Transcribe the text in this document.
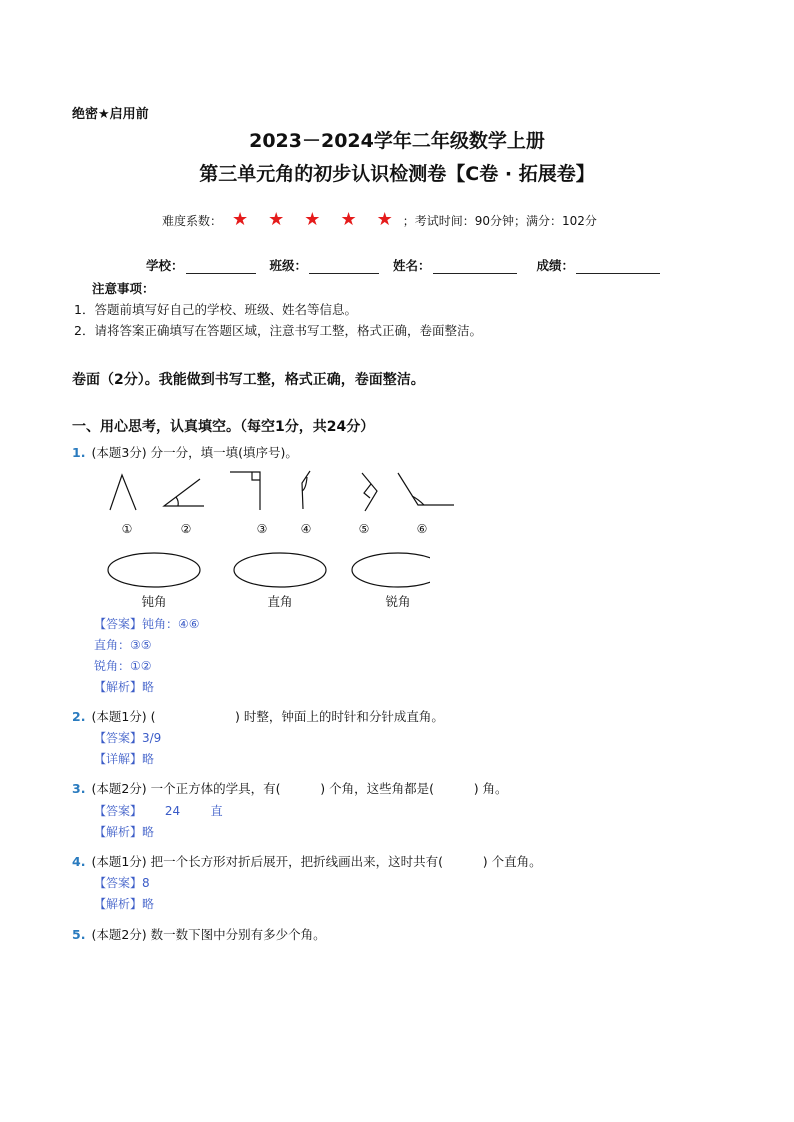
绝密★启用前
2023－2024学年二年级数学上册
第三单元角的初步认识检测卷【C卷 · 拓展卷】
难度系数： ★ ★ ★ ★ ★ ；考试时间：90分钟；满分：102分
学校：	班级：	姓名：	成绩：
注意事项：
1．答题前填写好自己的学校、班级、姓名等信息。
2．请将答案正确填写在答题区域，注意书写工整，格式正确，卷面整洁。
卷面（2分）。我能做到书写工整，格式正确，卷面整洁。
一、用心思考，认真填空。（每空1分，共24分）
1. (本题3分) 分一分，填一填(填序号)。
①	②	③	④	⑤	⑥
钝角	直角	锐角
【答案】钝角：④⑥
直角：③⑤
锐角：①②
【解析】略
2. (本题1分) (                    ) 时整，钟面上的时针和分针成直角。
【答案】3/9
【详解】略
3. (本题2分) 一个正方体的学具，有(          ) 个角，这些角都是(          ) 角。
【答案】      24        直
【解析】略
4. (本题1分) 把一个长方形对折后展开，把折线画出来，这时共有(          ) 个直角。
【答案】8
【解析】略
5. (本题2分) 数一数下图中分别有多少个角。
